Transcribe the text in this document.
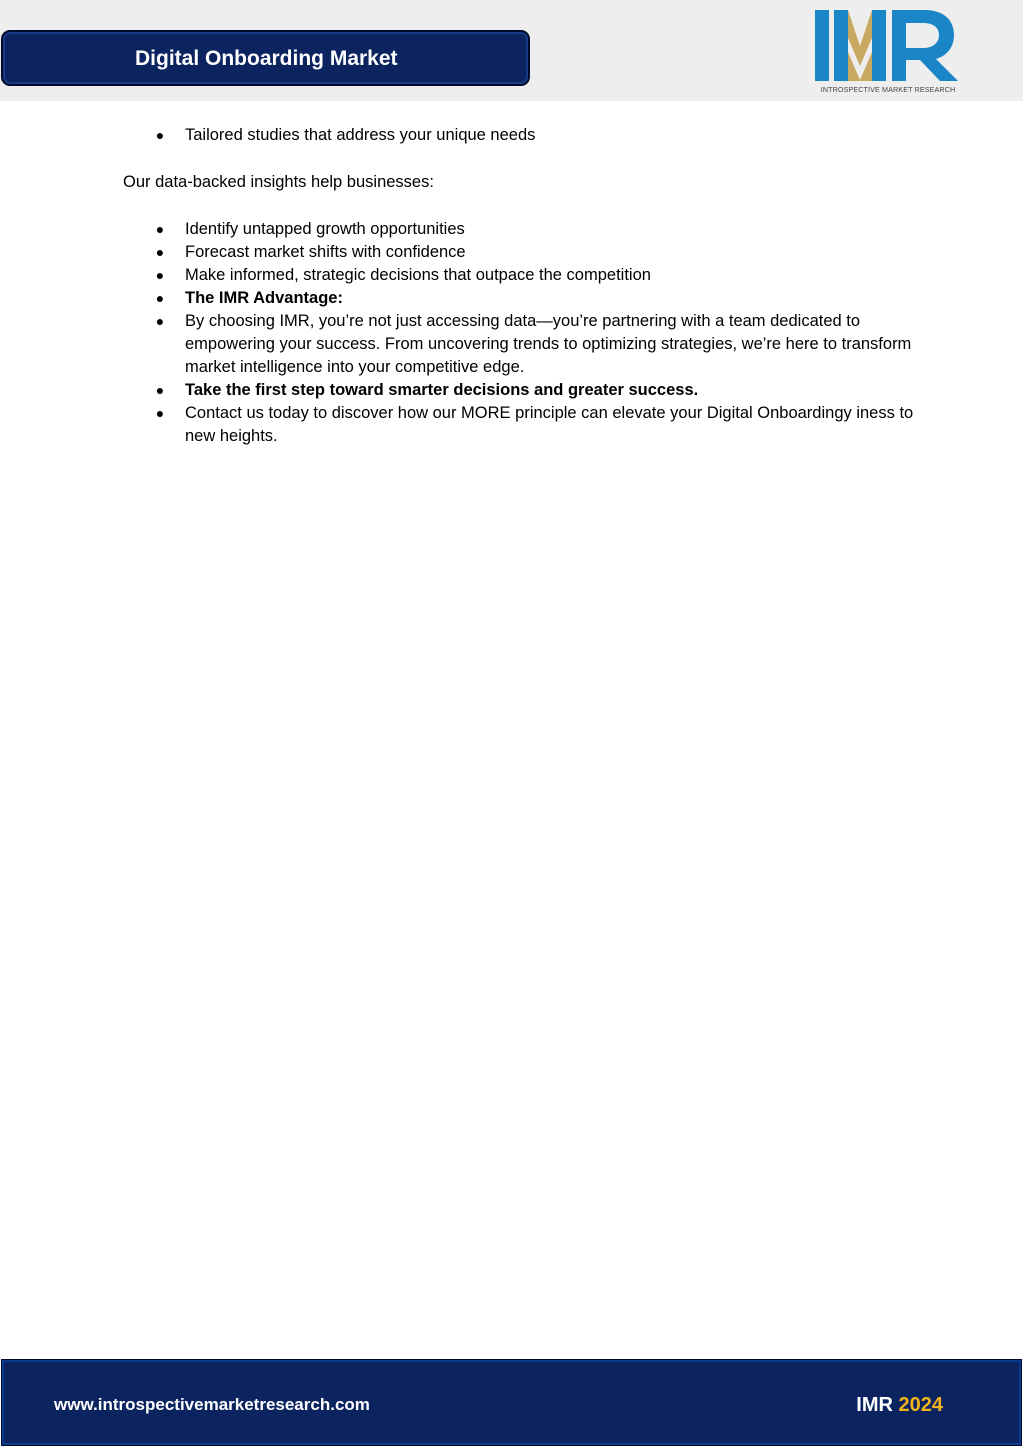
Digital Onboarding Market
INTROSPECTIVE MARKET RESEARCH
● Tailored studies that address your unique needs
Our data-backed insights help businesses:
● Identify untapped growth opportunities
● Forecast market shifts with confidence
● Make informed, strategic decisions that outpace the competition
● The IMR Advantage:
● By choosing IMR, you’re not just accessing data—you’re partnering with a team dedicated to empowering your success. From uncovering trends to optimizing strategies, we’re here to transform market intelligence into your competitive edge.
● Take the first step toward smarter decisions and greater success.
● Contact us today to discover how our MORE principle can elevate your Digital Onboardingy iness to new heights.
www.introspectivemarketresearch.com	IMR 2024
